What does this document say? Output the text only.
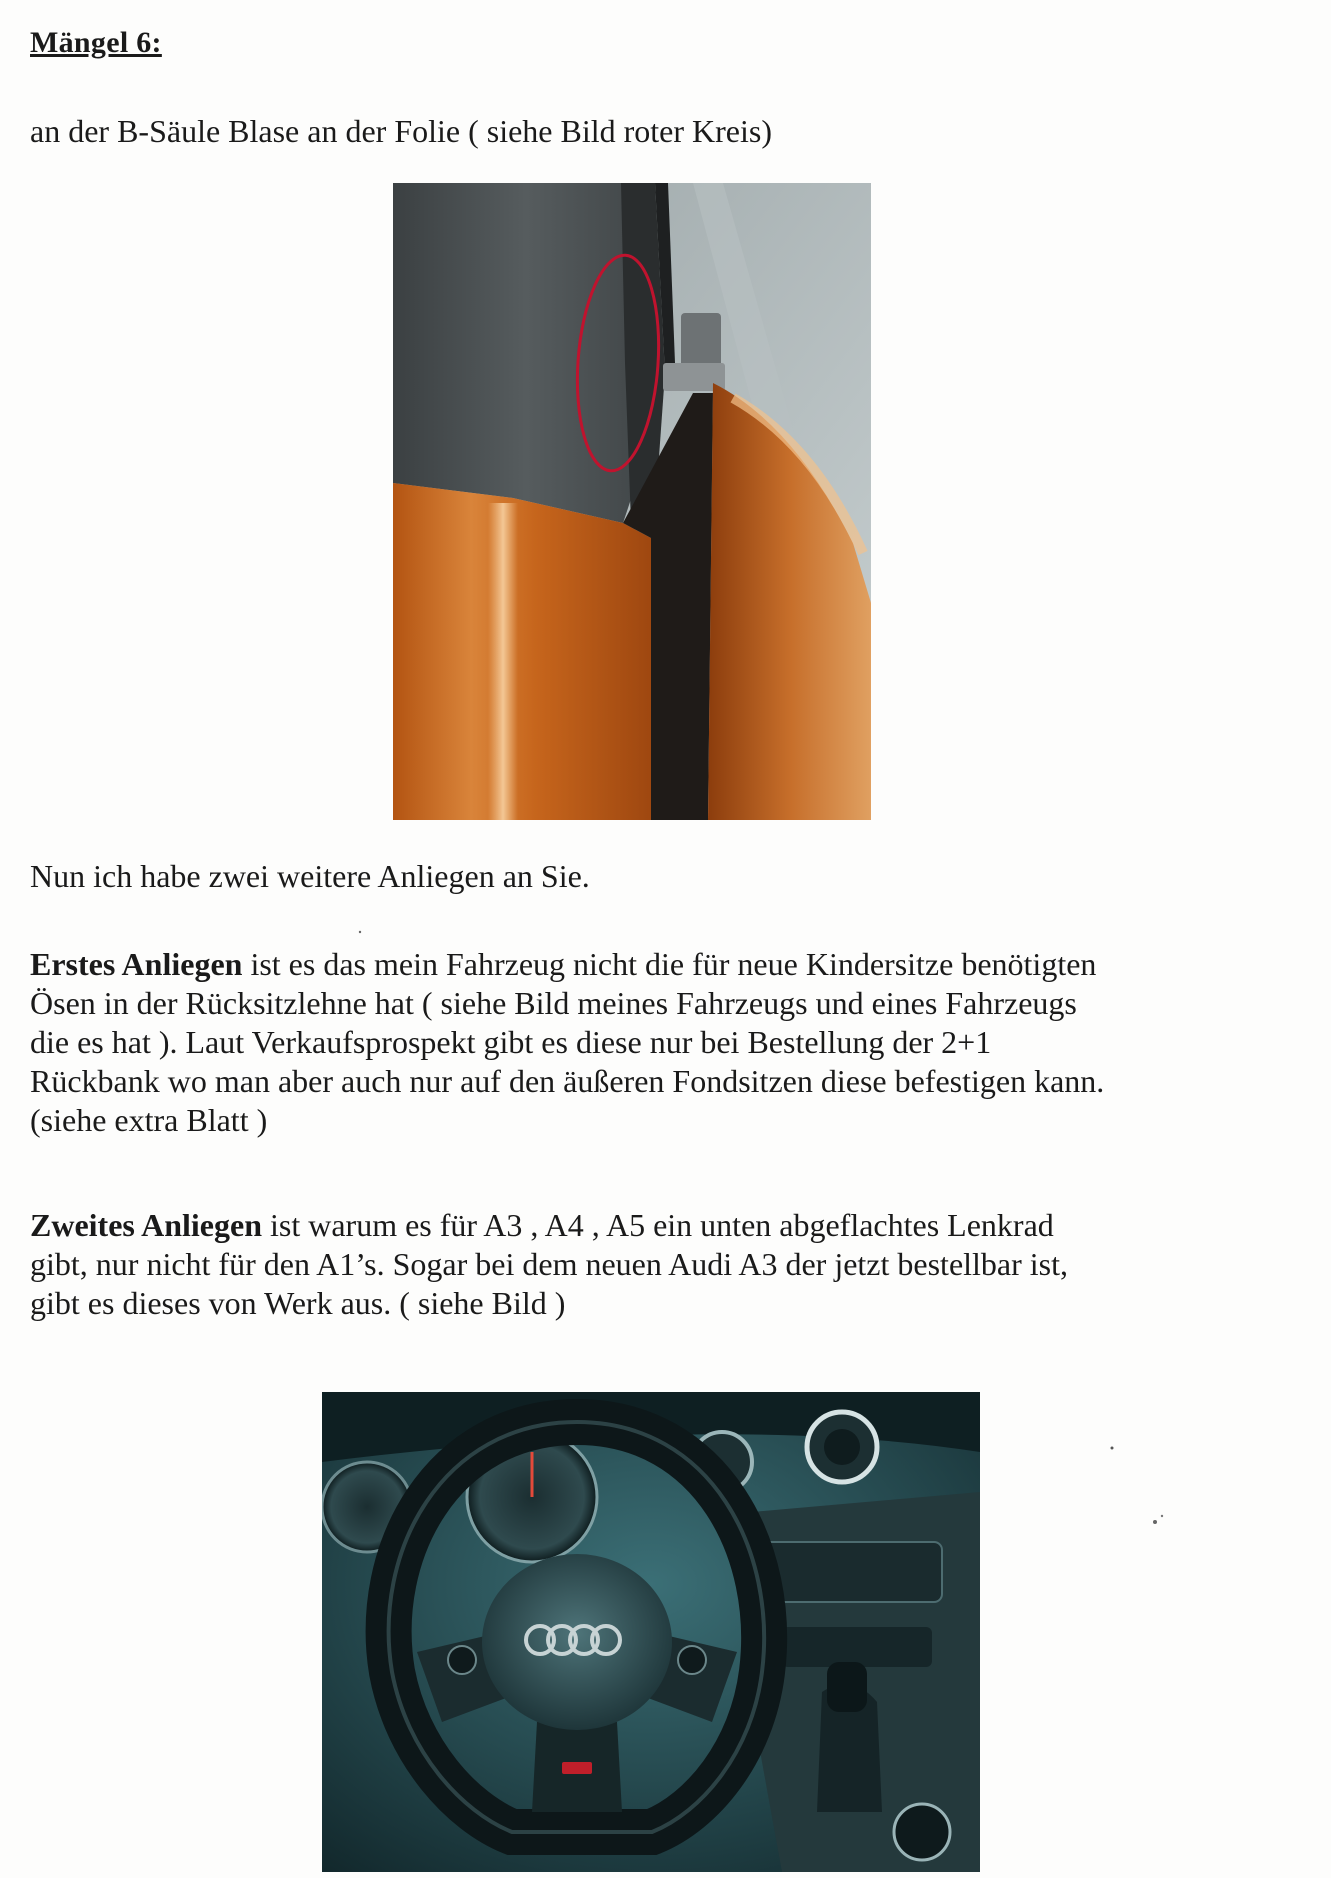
Mängel 6:
an der B-Säule Blase an der Folie ( siehe Bild roter Kreis)
Nun ich habe zwei weitere Anliegen an Sie.
Erstes Anliegen ist es das mein Fahrzeug nicht die für neue Kindersitze benötigten
Ösen in der Rücksitzlehne hat ( siehe Bild meines Fahrzeugs und eines Fahrzeugs
die es hat ). Laut Verkaufsprospekt gibt es diese nur bei Bestellung der 2+1
Rückbank wo man aber auch nur auf den äußeren Fondsitzen diese befestigen kann.
(siehe extra Blatt )
Zweites Anliegen ist warum es für A3 , A4 , A5 ein unten abgeflachtes Lenkrad
gibt, nur nicht für den A1’s. Sogar bei dem neuen Audi A3 der jetzt bestellbar ist,
gibt es dieses von Werk aus. ( siehe Bild )
